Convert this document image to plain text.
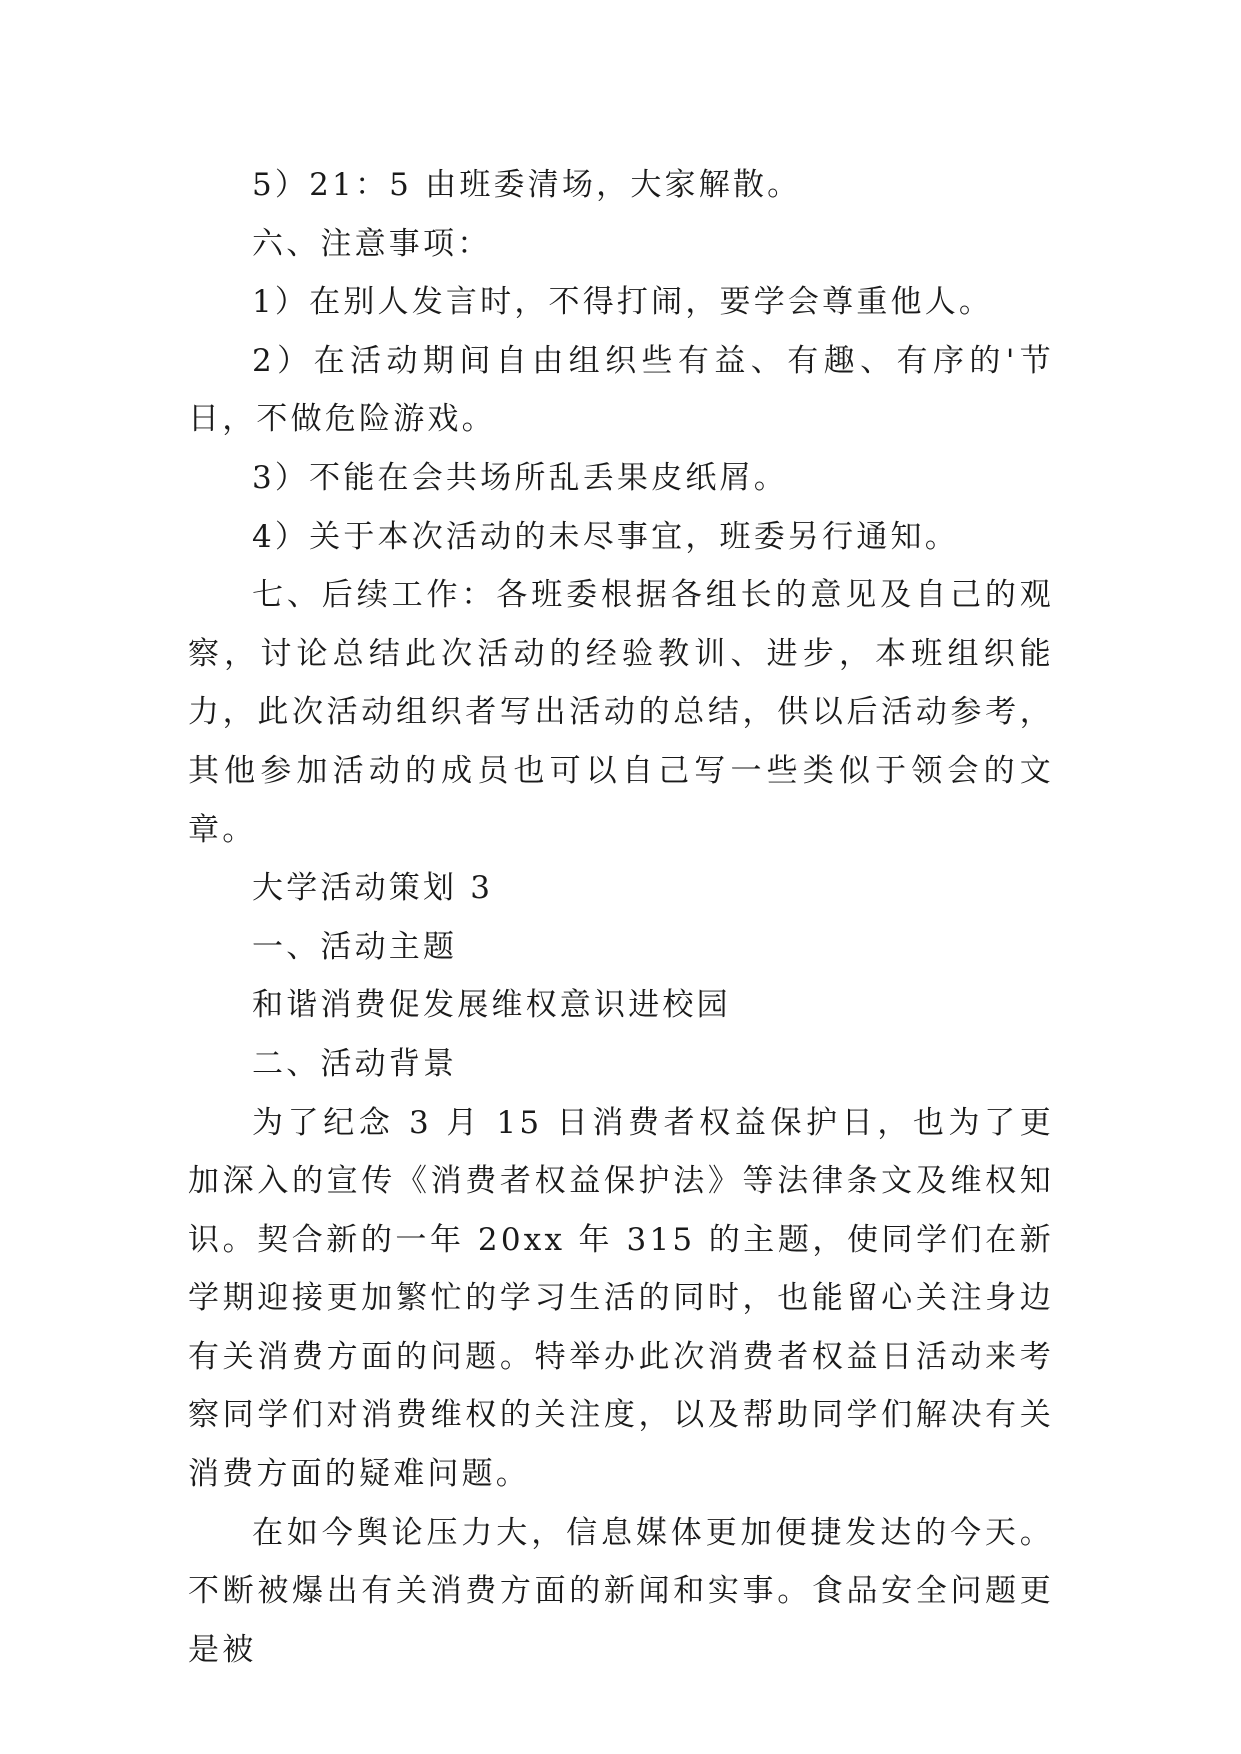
5）21：5 由班委清场，大家解散。

六、注意事项：

1）在别人发言时，不得打闹，要学会尊重他人。

2）在活动期间自由组织些有益、有趣、有序的'节日，不做危险游戏。

3）不能在会共场所乱丢果皮纸屑。

4）关于本次活动的未尽事宜，班委另行通知。

七、后续工作：各班委根据各组长的意见及自己的观察，讨论总结此次活动的经验教训、进步，本班组织能力，此次活动组织者写出活动的总结，供以后活动参考，其他参加活动的成员也可以自己写一些类似于领会的文章。

大学活动策划 3

一、活动主题

和谐消费促发展维权意识进校园

二、活动背景

为了纪念 3 月 15 日消费者权益保护日，也为了更加深入的宣传《消费者权益保护法》等法律条文及维权知识。契合新的一年 20xx 年 315 的主题，使同学们在新学期迎接更加繁忙的学习生活的同时，也能留心关注身边有关消费方面的问题。特举办此次消费者权益日活动来考察同学们对消费维权的关注度，以及帮助同学们解决有关消费方面的疑难问题。

在如今舆论压力大，信息媒体更加便捷发达的今天。不断被爆出有关消费方面的新闻和实事。食品安全问题更是被
